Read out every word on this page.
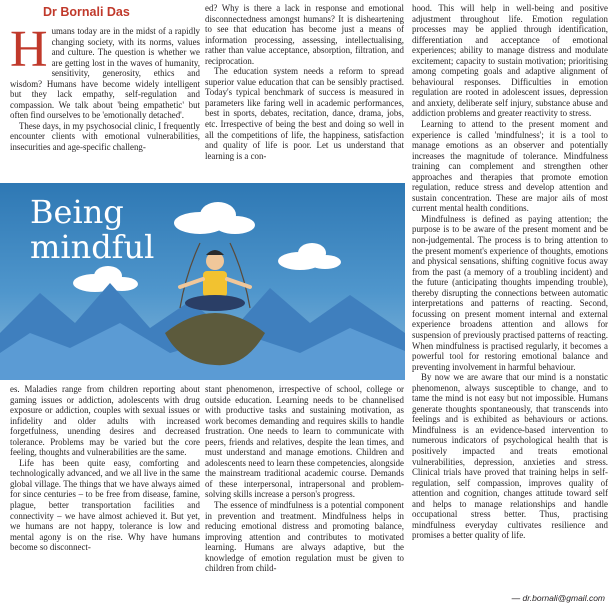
Dr Bornali Das

Humans today are in the midst of a rapidly changing society, with its norms, values and culture. The question is whether we are getting lost in the waves of humanity, sensitivity, generosity, ethics and wisdom? Humans have become widely intelligent but they lack empathy, self-regulation and compassion. We talk about 'being empathetic' but often find ourselves to be 'emotionally detached'.

These days, in my psychosocial clinic, I frequently encounter clients with emotional vulnerabilities, insecurities and age-specific challeng-

ed? Why is there a lack in response and emotional disconnectedness amongst humans? It is disheartening to see that education has become just a means of information processing, assessing, intellectualising, rather than value acceptance, absorption, filtration, and reciprocation.

The education system needs a reform to spread superior value education that can be sensibly practised. Today's typical benchmark of success is measured in parameters like faring well in academic performances, best in sports, debates, recitation, dance, drama, jobs, etc. Irrespective of being the best and doing so well in all the competitions of life, the happiness, satisfaction and quality of life is poor. Let us understand that learning is a con-

hood. This will help in well-being and positive adjustment throughout life. Emotion regulation processes may be applied through identification, differentiation and acceptance of emotional experiences; ability to manage distress and modulate excitement; capacity to sustain motivation; prioritising among competing goals and adaptive alignment of behavioural responses. Difficulties in emotion regulation are rooted in adolescent issues, depression and anxiety, deliberate self injury, substance abuse and addiction problems and greater reactivity to stress.

Learning to attend to the present moment and experience is called 'mindfulness'; it is a tool to manage emotions as an observer and potentially increases the magnitude of tolerance. Mindfulness training can complement and strengthen other approaches and therapies that promote emotion regulation, reduce stress and develop attention and sustain concentration. These are major ails of most current mental health conditions.

Mindfulness is defined as paying attention; the purpose is to be aware of the present moment and be non-judgemental. The process is to bring attention to the present moment's experience of thoughts, emotions and physical sensations, shifting cognitive focus away from the past (a memory of a troubling incident) and the future (anticipating thoughts impending trouble), thereby disrupting the connections between automatic interpretations and patterns of reacting. Second, focussing on present moment internal and external experience broadens attention and allows for suspension of previously practised patterns of reacting. When mindfulness is practised regularly, it becomes a powerful tool for restoring emotional balance and preventing involvement in harmful behaviour.

By now we are aware that our mind is a nonstatic phenomenon, always susceptible to change, and to tame the mind is not easy but not impossible. Humans generate thoughts spontaneously, that transcends into feelings and is exhibited as behaviours or actions. Mindfulness is an evidence-based intervention to numerous indicators of psychological health that is positively impacted and treats emotional vulnerabilities, depression, anxieties and stress. Clinical trials have proved that training helps in self-regulation, self compassion, improves quality of attention and cognition, changes attitude toward self and helps to manage relationships and handle occupational stress better. Thus, practising mindfulness everyday cultivates resilience and promises a better quality of life.

Being
mindful

es. Maladies range from children reporting about gaming issues or addiction, adolescents with drug exposure or addiction, couples with sexual issues or infidelity and older adults with increased forgetfulness, unending desires and decreased tolerance. Problems may be varied but the core feeling, thoughts and vulnerabilities are the same.

Life has been quite easy, comforting and technologically advanced, and we all live in the same global village. The things that we have always aimed for since centuries – to be free from disease, famine, plague, better transportation facilities and connectivity – we have almost achieved it. But yet, we humans are not happy, tolerance is low and mental agony is on the rise. Why have humans become so disconnect-

stant phenomenon, irrespective of school, college or outside education. Learning needs to be channelised with productive tasks and sustaining motivation, as work becomes demanding and requires skills to handle frustration. One needs to learn to communicate with peers, friends and relatives, despite the lean times, and must understand and manage emotions. Children and adolescents need to learn these competencies, alongside the mainstream traditional academic course. Demands of these interpersonal, intrapersonal and problem-solving skills increase a person's progress.

The essence of mindfulness is a potential component in prevention and treatment. Mindfulness helps in reducing emotional distress and promoting balance, improving attention and contributes to motivated learning. Humans are always adaptive, but the knowledge of emotion regulation must be given to children from child-

— dr.bornali@gmail.com
